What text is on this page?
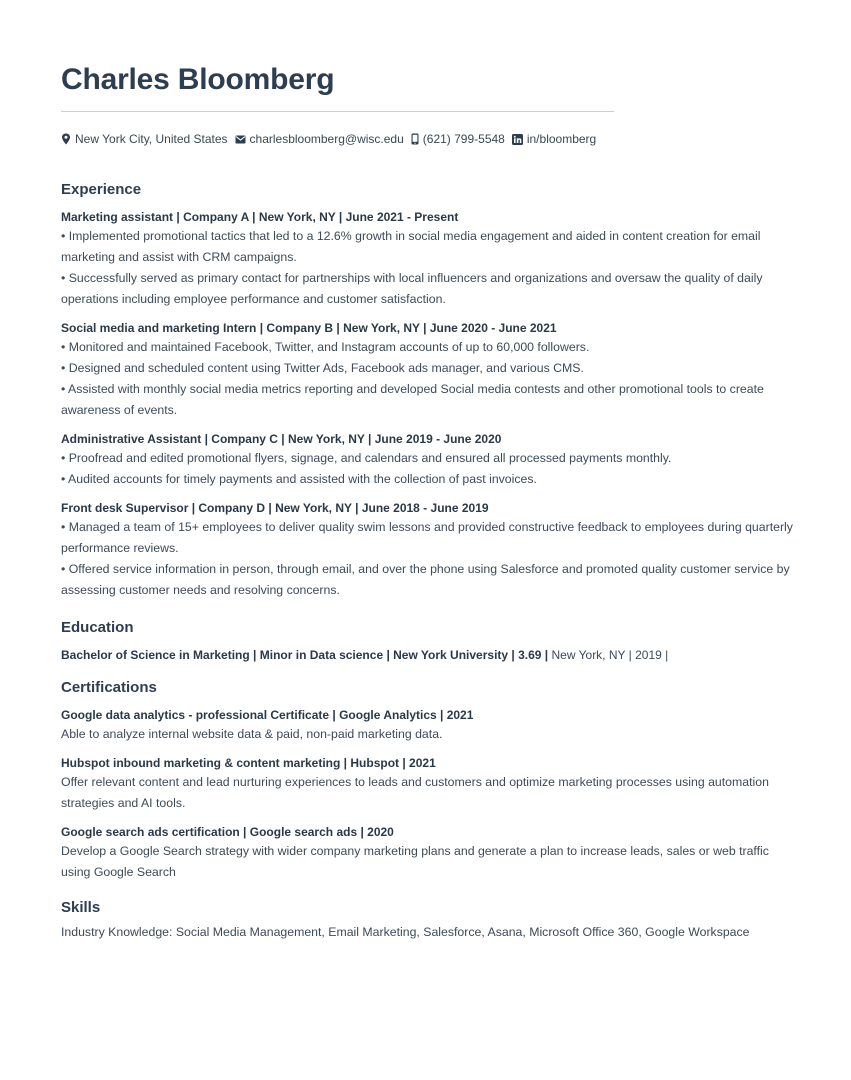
Charles Bloomberg
New York City, United States charlesbloomberg@wisc.edu (621) 799-5548 in/bloomberg
Experience
Marketing assistant | Company A | New York, NY | June 2021 - Present

• Implemented promotional tactics that led to a 12.6% growth in social media engagement and aided in content creation for email marketing and assist with CRM campaigns.

• Successfully served as primary contact for partnerships with local influencers and organizations and oversaw the quality of daily operations including employee performance and customer satisfaction.

Social media and marketing Intern | Company B | New York, NY | June 2020 - June 2021

• Monitored and maintained Facebook, Twitter, and Instagram accounts of up to 60,000 followers.

• Designed and scheduled content using Twitter Ads, Facebook ads manager, and various CMS.

• Assisted with monthly social media metrics reporting and developed Social media contests and other promotional tools to create awareness of events.

Administrative Assistant | Company C | New York, NY | June 2019 - June 2020

• Proofread and edited promotional flyers, signage, and calendars and ensured all processed payments monthly.

• Audited accounts for timely payments and assisted with the collection of past invoices.

Front desk Supervisor | Company D | New York, NY | June 2018 - June 2019

• Managed a team of 15+ employees to deliver quality swim lessons and provided constructive feedback to employees during quarterly performance reviews.

• Offered service information in person, through email, and over the phone using Salesforce and promoted quality customer service by assessing customer needs and resolving concerns.

Education
Bachelor of Science in Marketing | Minor in Data science | New York University | 3.69 | New York, NY | 2019 |
Certifications
Google data analytics - professional Certificate | Google Analytics | 2021

Able to analyze internal website data & paid, non-paid marketing data.

Hubspot inbound marketing & content marketing | Hubspot | 2021

Offer relevant content and lead nurturing experiences to leads and customers and optimize marketing processes using automation strategies and AI tools.

Google search ads certification | Google search ads | 2020

Develop a Google Search strategy with wider company marketing plans and generate a plan to increase leads, sales or web traffic using Google Search

Skills
Industry Knowledge: Social Media Management, Email Marketing, Salesforce, Asana, Microsoft Office 360, Google Workspace
